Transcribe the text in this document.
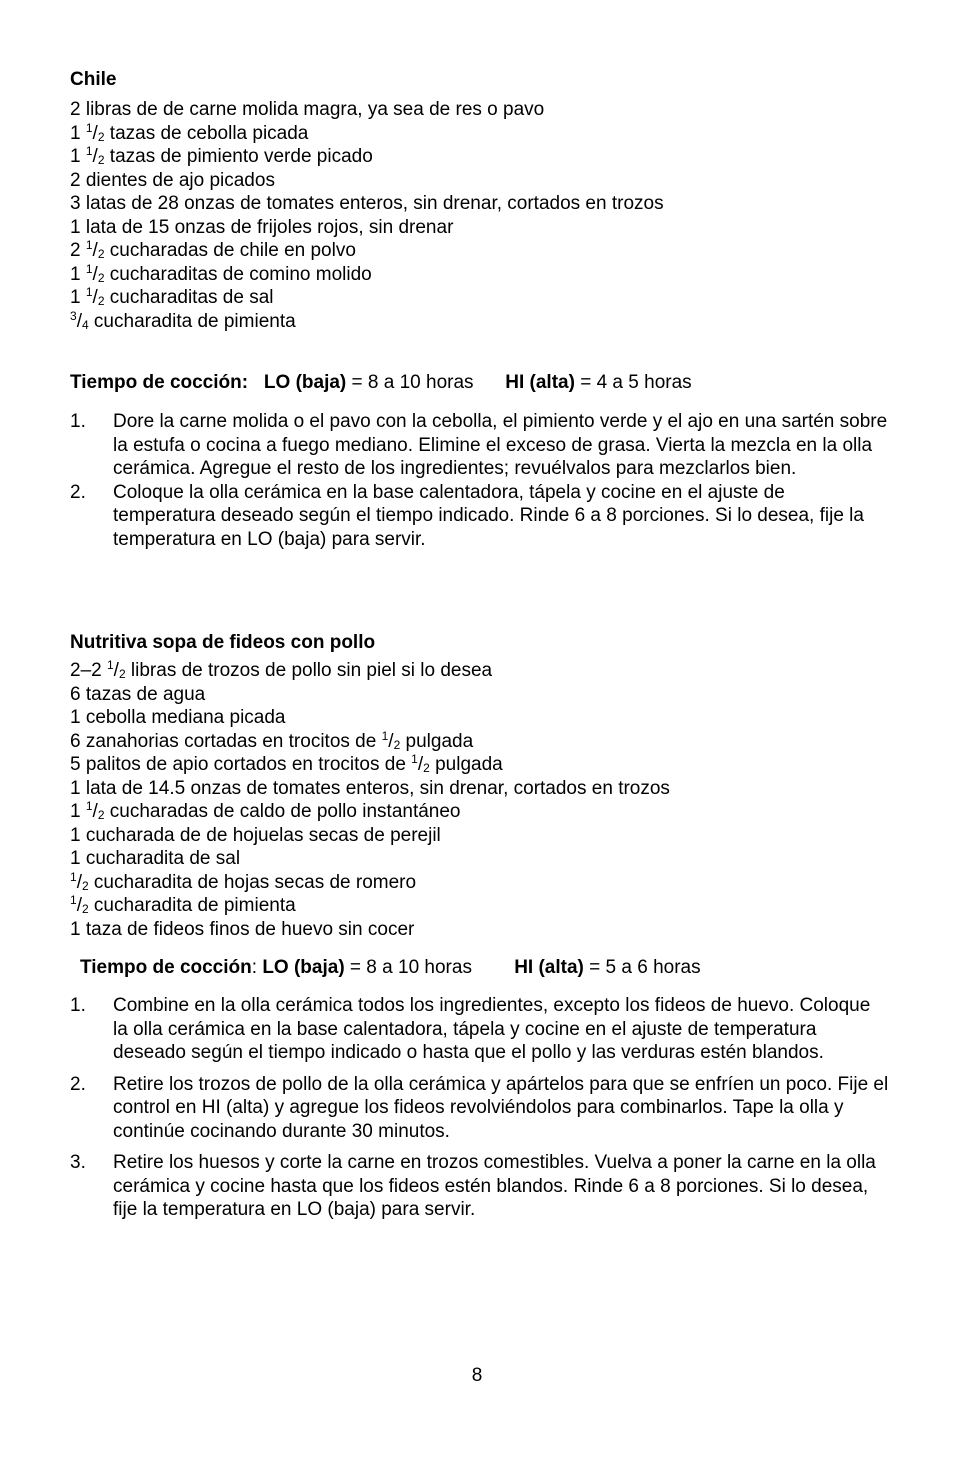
Chile
2 libras de de carne molida magra, ya sea de res o pavo
1 $^1/_2$ tazas de cebolla picada
1 $^1/_2$ tazas de pimiento verde picado
2 dientes de ajo picados
3 latas de 28 onzas de tomates enteros, sin drenar, cortados en trozos
1 lata de 15 onzas de frijoles rojos, sin drenar
2 $^1/_2$ cucharadas de chile en polvo
1 $^1/_2$ cucharaditas de comino molido
1 $^1/_2$ cucharaditas de sal
$^3/_4$ cucharadita de pimienta
Tiempo de cocción: LO (baja) = 8 a 10 horas HI (alta) = 4 a 5 horas
1. Dore la carne molida o el pavo con la cebolla, el pimiento verde y el ajo en una sartén sobre la estufa o cocina a fuego mediano. Elimine el exceso de grasa. Vierta la mezcla en la olla cerámica. Agregue el resto de los ingredientes; revuélvalos para mezclarlos bien.
2. Coloque la olla cerámica en la base calentadora, tápela y cocine en el ajuste de temperatura deseado según el tiempo indicado. Rinde 6 a 8 porciones. Si lo desea, fije la temperatura en LO (baja) para servir.
Nutritiva sopa de fideos con pollo
2–2 $^1/_2$ libras de trozos de pollo sin piel si lo desea
6 tazas de agua
1 cebolla mediana picada
6 zanahorias cortadas en trocitos de $^1/_2$ pulgada
5 palitos de apio cortados en trocitos de $^1/_2$ pulgada
1 lata de 14.5 onzas de tomates enteros, sin drenar, cortados en trozos
1 $^1/_2$ cucharadas de caldo de pollo instantáneo
1 cucharada de de hojuelas secas de perejil
1 cucharadita de sal
$^1/_2$ cucharadita de hojas secas de romero
$^1/_2$ cucharadita de pimienta
1 taza de fideos finos de huevo sin cocer
Tiempo de cocción: LO (baja) = 8 a 10 horas HI (alta) = 5 a 6 horas
1. Combine en la olla cerámica todos los ingredientes, excepto los fideos de huevo. Coloque la olla cerámica en la base calentadora, tápela y cocine en el ajuste de temperatura deseado según el tiempo indicado o hasta que el pollo y las verduras estén blandos.
2. Retire los trozos de pollo de la olla cerámica y apártelos para que se enfríen un poco. Fije el control en HI (alta) y agregue los fideos revolviéndolos para combinarlos. Tape la olla y continúe cocinando durante 30 minutos.
3. Retire los huesos y corte la carne en trozos comestibles. Vuelva a poner la carne en la olla cerámica y cocine hasta que los fideos estén blandos. Rinde 6 a 8 porciones. Si lo desea, fije la temperatura en LO (baja) para servir.
8
